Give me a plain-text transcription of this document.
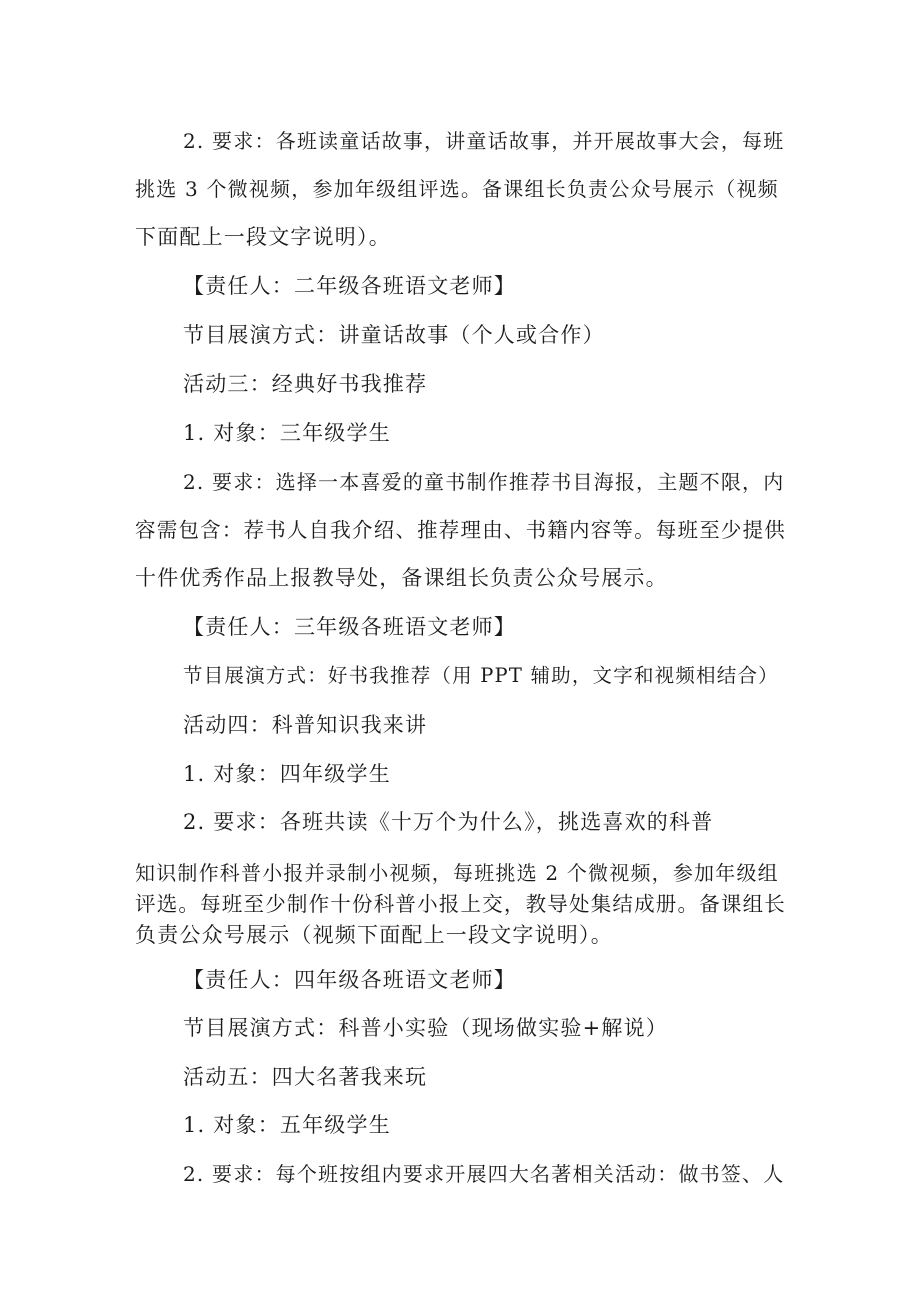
2. 要求：各班读童话故事，讲童话故事，并开展故事大会，每班
挑选 3 个微视频，参加年级组评选。备课组长负责公众号展示（视频
下面配上一段文字说明）。
【责任人：二年级各班语文老师】
节目展演方式：讲童话故事（个人或合作）
活动三：经典好书我推荐
1. 对象：三年级学生
2. 要求：选择一本喜爱的童书制作推荐书目海报，主题不限，内
容需包含：荐书人自我介绍、推荐理由、书籍内容等。每班至少提供
十件优秀作品上报教导处，备课组长负责公众号展示。
【责任人：三年级各班语文老师】
节目展演方式：好书我推荐（用 PPT 辅助，文字和视频相结合）
活动四：科普知识我来讲
1. 对象：四年级学生
2. 要求：各班共读《十万个为什么》，挑选喜欢的科普
知识制作科普小报并录制小视频，每班挑选 2 个微视频，参加年级组
评选。每班至少制作十份科普小报上交，教导处集结成册。备课组长
负责公众号展示（视频下面配上一段文字说明）。
【责任人：四年级各班语文老师】
节目展演方式：科普小实验（现场做实验+解说）
活动五：四大名著我来玩
1. 对象：五年级学生
2. 要求：每个班按组内要求开展四大名著相关活动：做书签、人
